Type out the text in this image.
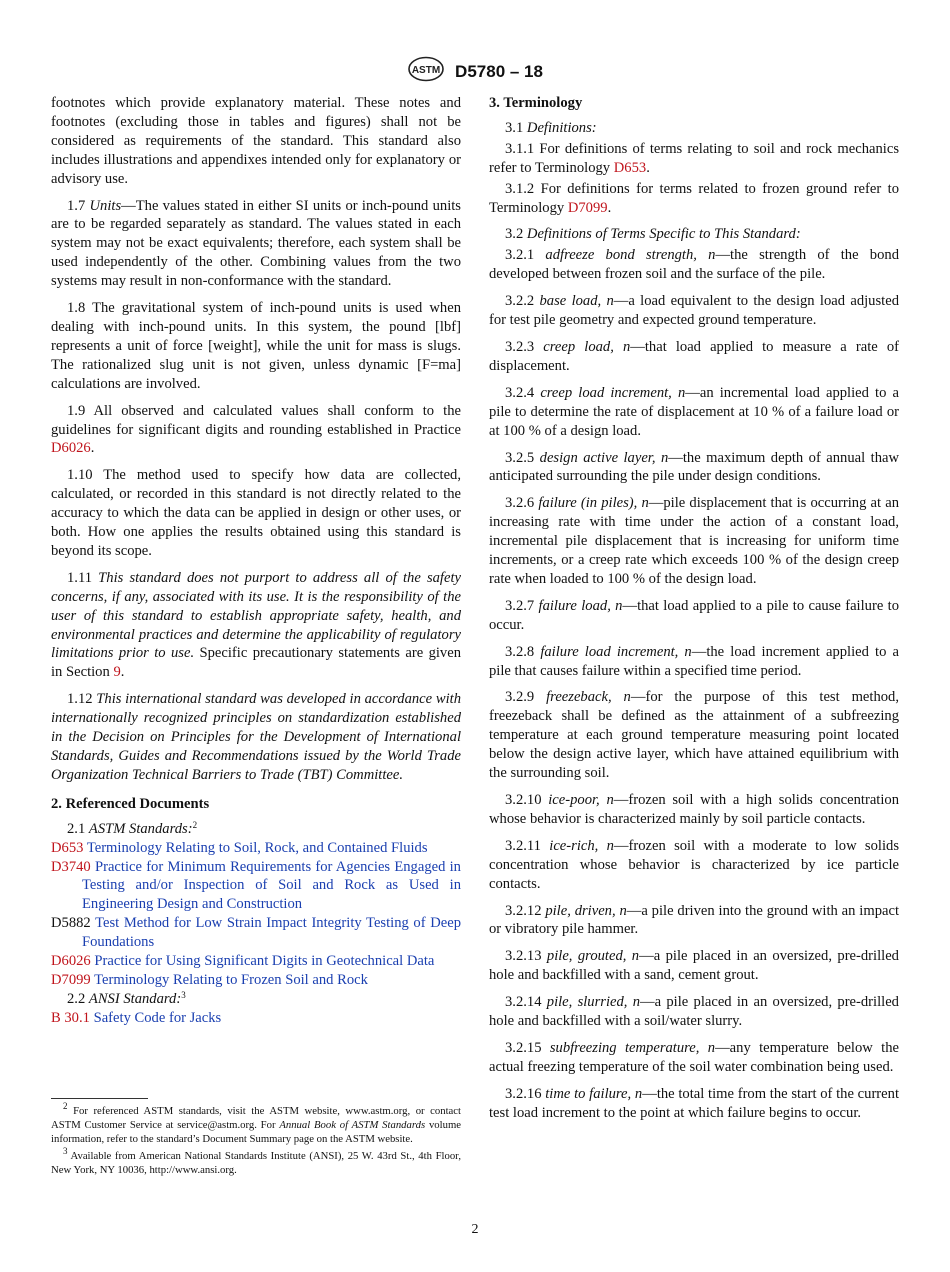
ASTM D5780 – 18

footnotes which provide explanatory material. These notes and footnotes (excluding those in tables and figures) shall not be considered as requirements of the standard. This standard also includes illustrations and appendixes intended only for explanatory or advisory use.

1.7 Units—The values stated in either SI units or inch-pound units are to be regarded separately as standard. The values stated in each system may not be exact equivalents; therefore, each system shall be used independently of the other. Combining values from the two systems may result in non-conformance with the standard.

1.8 The gravitational system of inch-pound units is used when dealing with inch-pound units. In this system, the pound [lbf] represents a unit of force [weight], while the unit for mass is slugs. The rationalized slug unit is not given, unless dynamic [F=ma] calculations are involved.

1.9 All observed and calculated values shall conform to the guidelines for significant digits and rounding established in Practice D6026.

1.10 The method used to specify how data are collected, calculated, or recorded in this standard is not directly related to the accuracy to which the data can be applied in design or other uses, or both. How one applies the results obtained using this standard is beyond its scope.

1.11 This standard does not purport to address all of the safety concerns, if any, associated with its use. It is the responsibility of the user of this standard to establish appropriate safety, health, and environmental practices and determine the applicability of regulatory limitations prior to use. Specific precautionary statements are given in Section 9.

1.12 This international standard was developed in accordance with internationally recognized principles on standardization established in the Decision on Principles for the Development of International Standards, Guides and Recommendations issued by the World Trade Organization Technical Barriers to Trade (TBT) Committee.

2. Referenced Documents
2.1 ASTM Standards:$^2$
D653 Terminology Relating to Soil, Rock, and Contained Fluids
D3740 Practice for Minimum Requirements for Agencies Engaged in Testing and/or Inspection of Soil and Rock as Used in Engineering Design and Construction
D5882 Test Method for Low Strain Impact Integrity Testing of Deep Foundations
D6026 Practice for Using Significant Digits in Geotechnical Data
D7099 Terminology Relating to Frozen Soil and Rock
2.2 ANSI Standard:$^3$
B 30.1 Safety Code for Jacks

$^2$ For referenced ASTM standards, visit the ASTM website, www.astm.org, or contact ASTM Customer Service at service@astm.org. For Annual Book of ASTM Standards volume information, refer to the standard’s Document Summary page on the ASTM website.

$^3$ Available from American National Standards Institute (ANSI), 25 W. 43rd St., 4th Floor, New York, NY 10036, http://www.ansi.org.

3. Terminology
3.1 Definitions:

3.1.1 For definitions of terms relating to soil and rock mechanics refer to Terminology D653.

3.1.2 For definitions for terms related to frozen ground refer to Terminology D7099.

3.2 Definitions of Terms Specific to This Standard:

3.2.1 adfreeze bond strength, n—the strength of the bond developed between frozen soil and the surface of the pile.

3.2.2 base load, n—a load equivalent to the design load adjusted for test pile geometry and expected ground temperature.

3.2.3 creep load, n—that load applied to measure a rate of displacement.

3.2.4 creep load increment, n—an incremental load applied to a pile to determine the rate of displacement at 10 % of a failure load or at 100 % of a design load.

3.2.5 design active layer, n—the maximum depth of annual thaw anticipated surrounding the pile under design conditions.

3.2.6 failure (in piles), n—pile displacement that is occurring at an increasing rate with time under the action of a constant load, incremental pile displacement that is increasing for uniform time increments, or a creep rate which exceeds 100 % of the design creep rate when loaded to 100 % of the design load.

3.2.7 failure load, n—that load applied to a pile to cause failure to occur.

3.2.8 failure load increment, n—the load increment applied to a pile that causes failure within a specified time period.

3.2.9 freezeback, n—for the purpose of this test method, freezeback shall be defined as the attainment of a subfreezing temperature at each ground temperature measuring point located below the design active layer, which have attained equilibrium with the surrounding soil.

3.2.10 ice-poor, n—frozen soil with a high solids concentration whose behavior is characterized mainly by soil particle contacts.

3.2.11 ice-rich, n—frozen soil with a moderate to low solids concentration whose behavior is characterized by ice particle contacts.

3.2.12 pile, driven, n—a pile driven into the ground with an impact or vibratory pile hammer.

3.2.13 pile, grouted, n—a pile placed in an oversized, pre-drilled hole and backfilled with a sand, cement grout.

3.2.14 pile, slurried, n—a pile placed in an oversized, pre-drilled hole and backfilled with a soil/water slurry.

3.2.15 subfreezing temperature, n—any temperature below the actual freezing temperature of the soil water combination being used.

3.2.16 time to failure, n—the total time from the start of the current test load increment to the point at which failure begins to occur.

2
